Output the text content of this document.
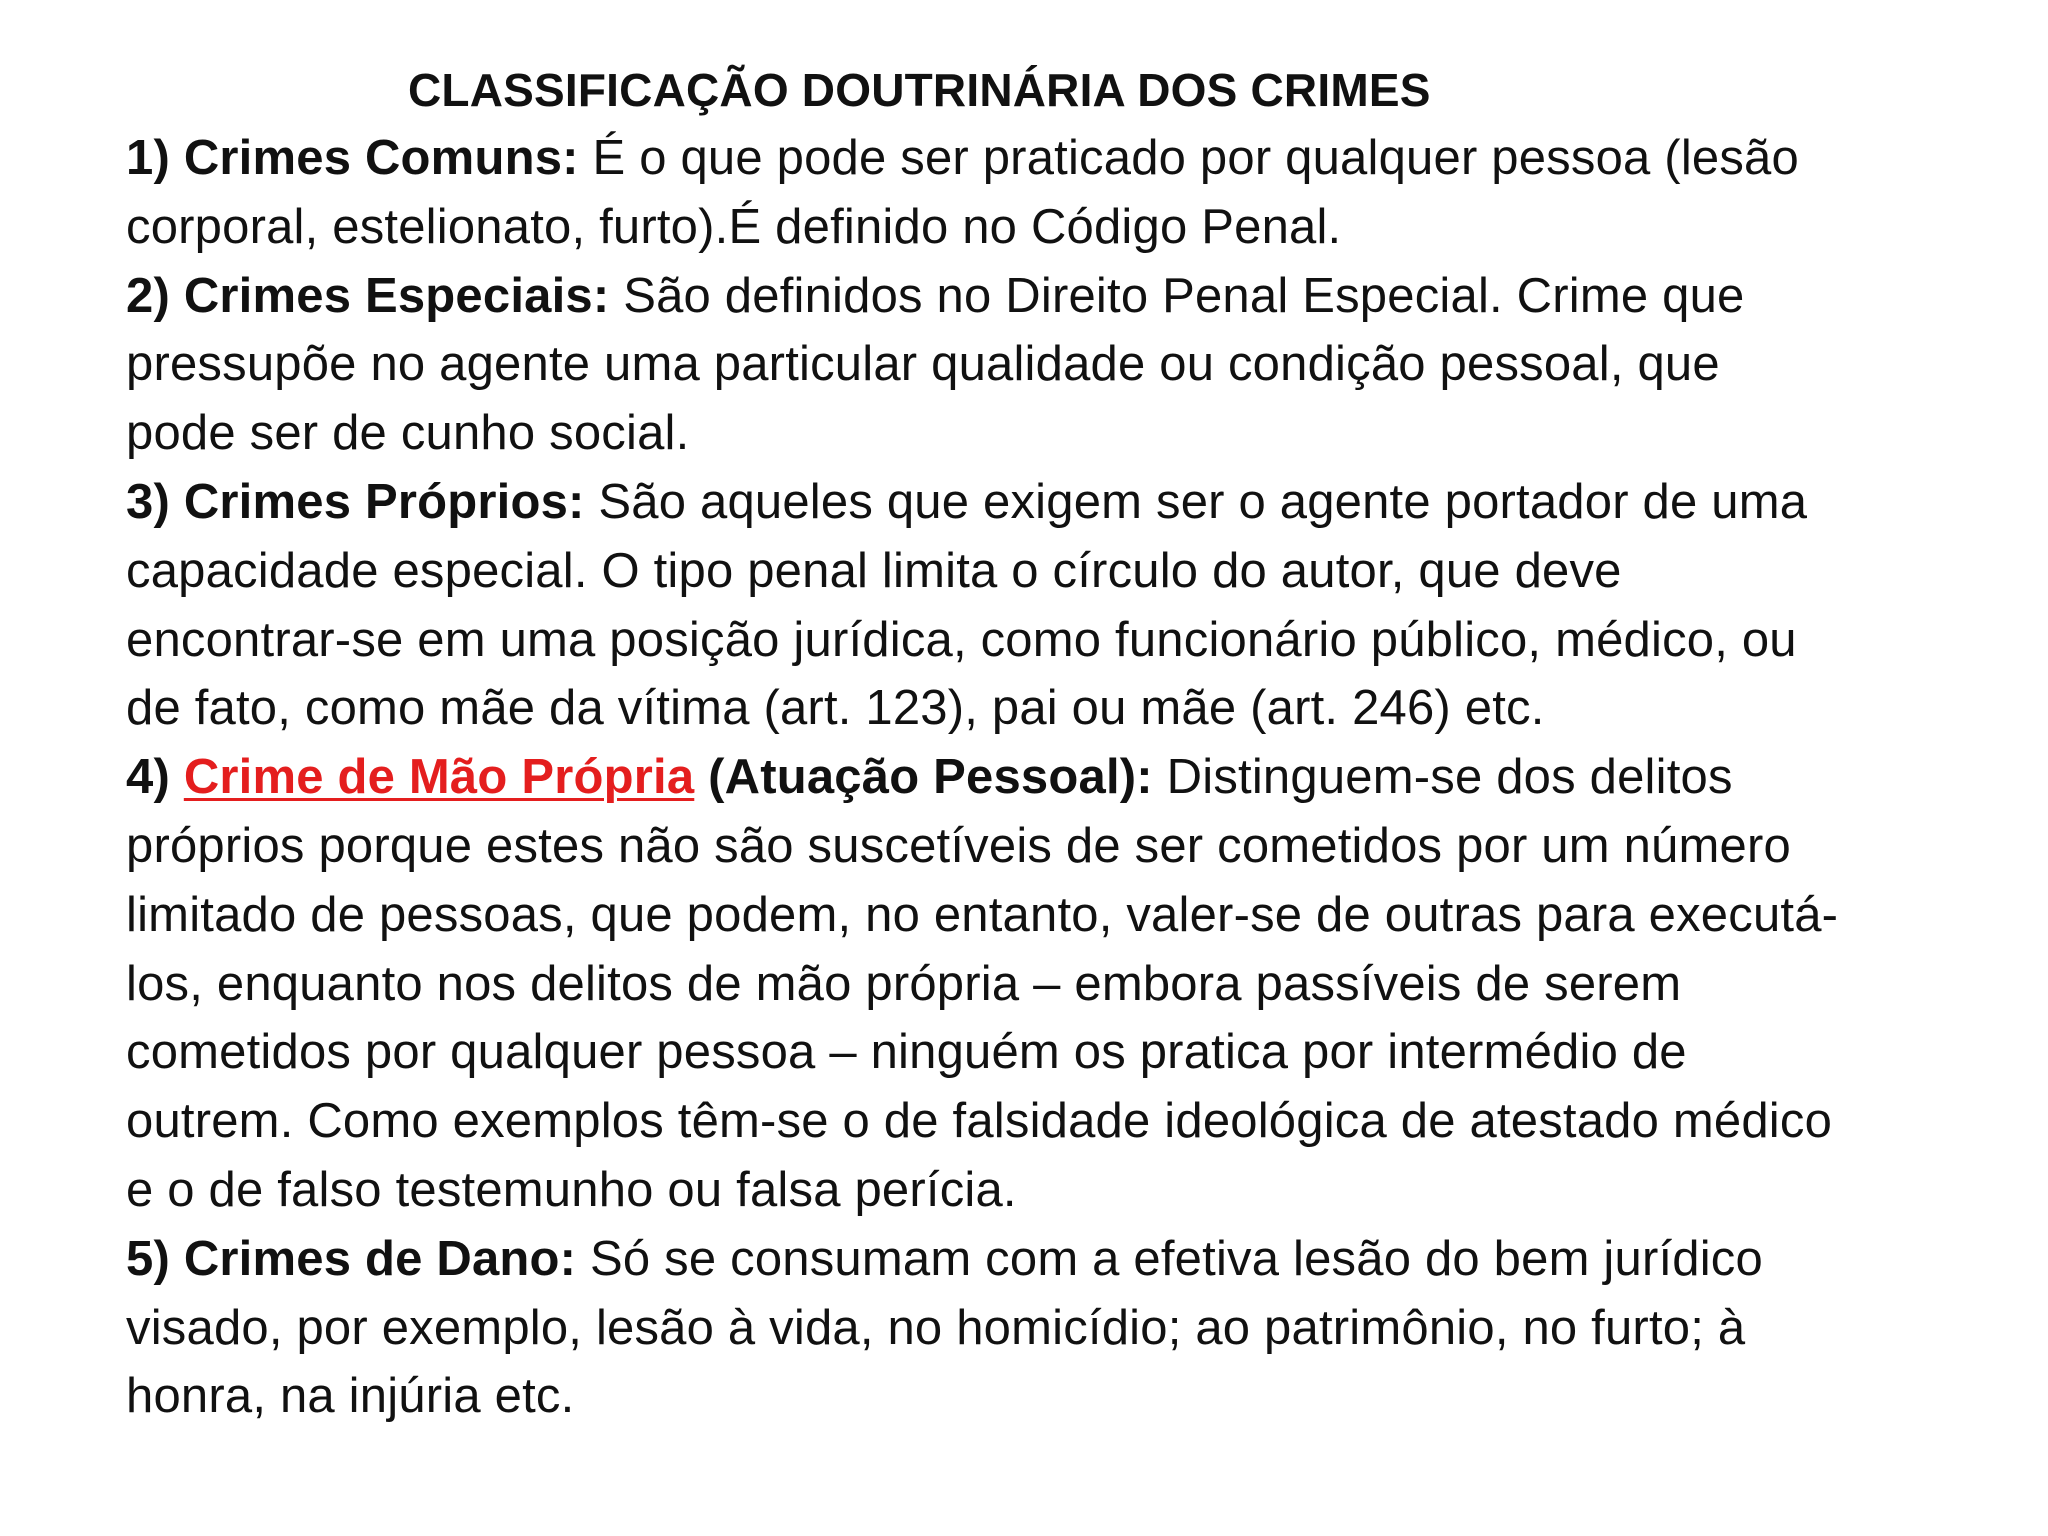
CLASSIFICAÇÃO DOUTRINÁRIA DOS CRIMES
1) Crimes Comuns: É o que pode ser praticado por qualquer pessoa (lesão
corporal, estelionato, furto).É definido no Código Penal.
2) Crimes Especiais: São definidos no Direito Penal Especial. Crime que
pressupõe no agente uma particular qualidade ou condição pessoal, que
pode ser de cunho social.
3) Crimes Próprios: São aqueles que exigem ser o agente portador de uma
capacidade especial. O tipo penal limita o círculo do autor, que deve
encontrar-se em uma posição jurídica, como funcionário público, médico, ou
de fato, como mãe da vítima (art. 123), pai ou mãe (art. 246) etc.
4) Crime de Mão Própria (Atuação Pessoal): Distinguem-se dos delitos
próprios porque estes não são suscetíveis de ser cometidos por um número
limitado de pessoas, que podem, no entanto, valer-se de outras para executá-
los, enquanto nos delitos de mão própria – embora passíveis de serem
cometidos por qualquer pessoa – ninguém os pratica por intermédio de
outrem. Como exemplos têm-se o de falsidade ideológica de atestado médico
e o de falso testemunho ou falsa perícia.
5) Crimes de Dano: Só se consumam com a efetiva lesão do bem jurídico
visado, por exemplo, lesão à vida, no homicídio; ao patrimônio, no furto; à
honra, na injúria etc.
